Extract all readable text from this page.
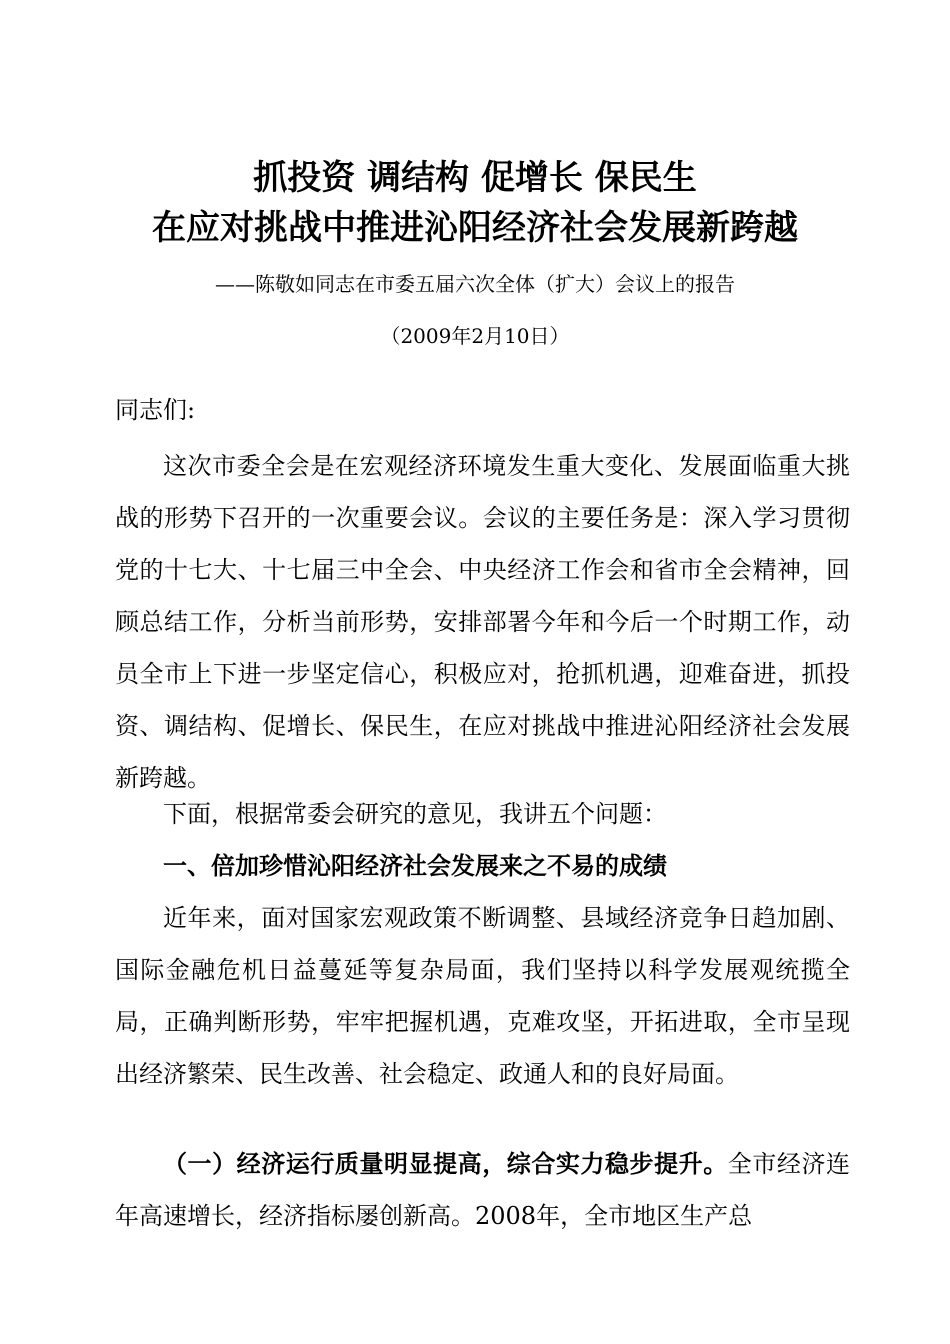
抓投资 调结构 促增长 保民生
在应对挑战中推进沁阳经济社会发展新跨越
——陈敬如同志在市委五届六次全体（扩大）会议上的报告
（2009年2月10日）
同志们:

这次市委全会是在宏观经济环境发生重大变化、发展面临重大挑战的形势下召开的一次重要会议。会议的主要任务是：深入学习贯彻党的十七大、十七届三中全会、中央经济工作会和省市全会精神，回顾总结工作，分析当前形势，安排部署今年和今后一个时期工作，动员全市上下进一步坚定信心，积极应对，抢抓机遇，迎难奋进，抓投资、调结构、促增长、保民生，在应对挑战中推进沁阳经济社会发展新跨越。

下面，根据常委会研究的意见，我讲五个问题：

一、倍加珍惜沁阳经济社会发展来之不易的成绩

近年来，面对国家宏观政策不断调整、县域经济竞争日趋加剧、国际金融危机日益蔓延等复杂局面，我们坚持以科学发展观统揽全局，正确判断形势，牢牢把握机遇，克难攻坚，开拓进取，全市呈现出经济繁荣、民生改善、社会稳定、政通人和的良好局面。

（一）经济运行质量明显提高，综合实力稳步提升。全市经济连年高速增长，经济指标屡创新高。2008年，全市地区生产总
